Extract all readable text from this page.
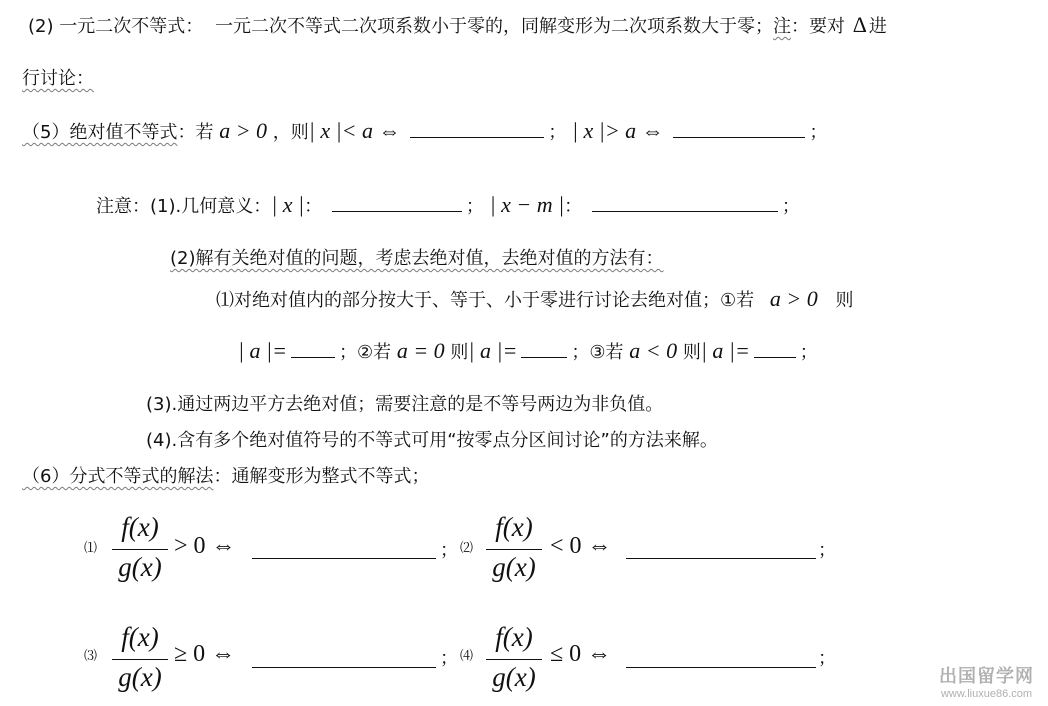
(2) 一元二次不等式： 一元二次不等式二次项系数小于零的，同解变形为二次项系数大于零；注：要对 Δ 进
行讨论：
（5）绝对值不等式：若 a > 0 ，则| x |< a ⇔	； | x |> a ⇔	；
注意：(1).几何意义：| x |：	； | x − m |：	；
(2)解有关绝对值的问题，考虑去绝对值，去绝对值的方法有：
⑴对绝对值内的部分按大于、等于、小于零进行讨论去绝对值；①若 a > 0 则
| a |=	；②若 a = 0 则| a |=	；③若 a < 0 则| a |=	；
(3).通过两边平方去绝对值；需要注意的是不等号两边为非负值。
(4).含有多个绝对值符号的不等式可用“按零点分区间讨论”的方法来解。
（6）分式不等式的解法：通解变形为整式不等式；
⑴
f(x)
g(x)
> 0 ⇔	； ⑵
f(x)
g(x)
< 0 ⇔	；
⑶
f(x)
g(x)
≥ 0 ⇔	； ⑷
f(x)
g(x)
≤ 0 ⇔	；
出国留学网
www.liuxue86.com
